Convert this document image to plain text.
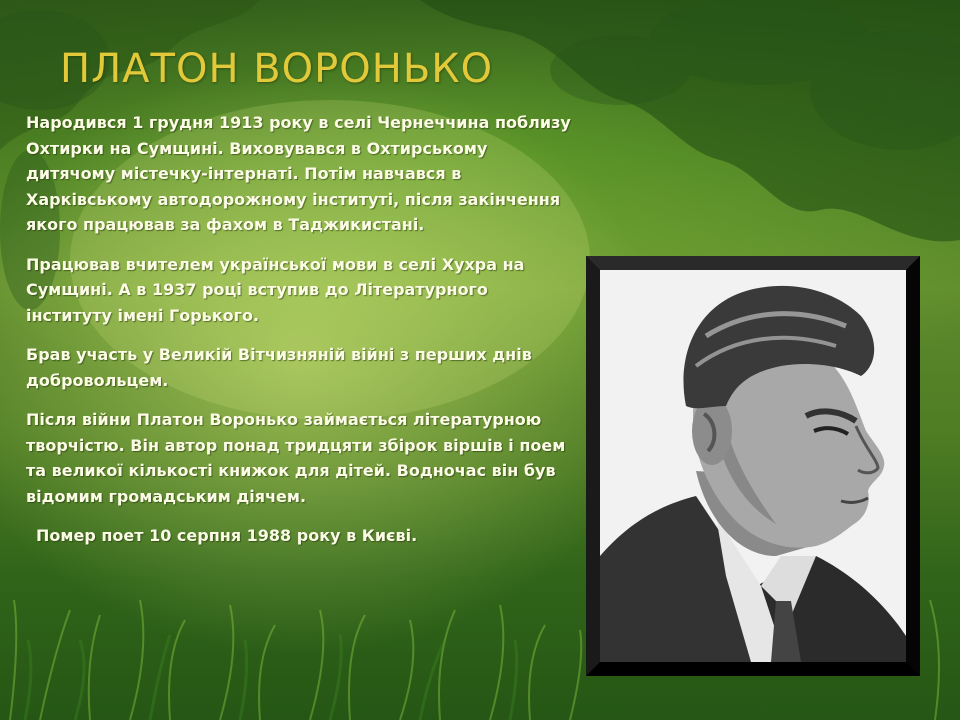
ПЛАТОН ВОРОНЬКО

Народився 1 грудня 1913 року в селі Чернеччина поблизу Охтирки на Сумщині. Виховувався в Охтирському дитячому містечку-інтернаті. Потім навчався в Харківському автодорожному інституті, після закінчення якого працював за фахом в Таджикистані.

Працював вчителем української мови в селі Хухра на Сумщині. А в 1937 році вступив до Літературного інституту імені Горького.

Брав участь у Великій Вітчизняній війні з перших днів добровольцем.

Після війни Платон Воронько займається літературною творчістю. Він автор понад тридцяти збірок віршів і поем та великої кількості книжок для дітей. Водночас він був відомим громадським діячем.

Помер поет 10 серпня 1988 року в Києві.
